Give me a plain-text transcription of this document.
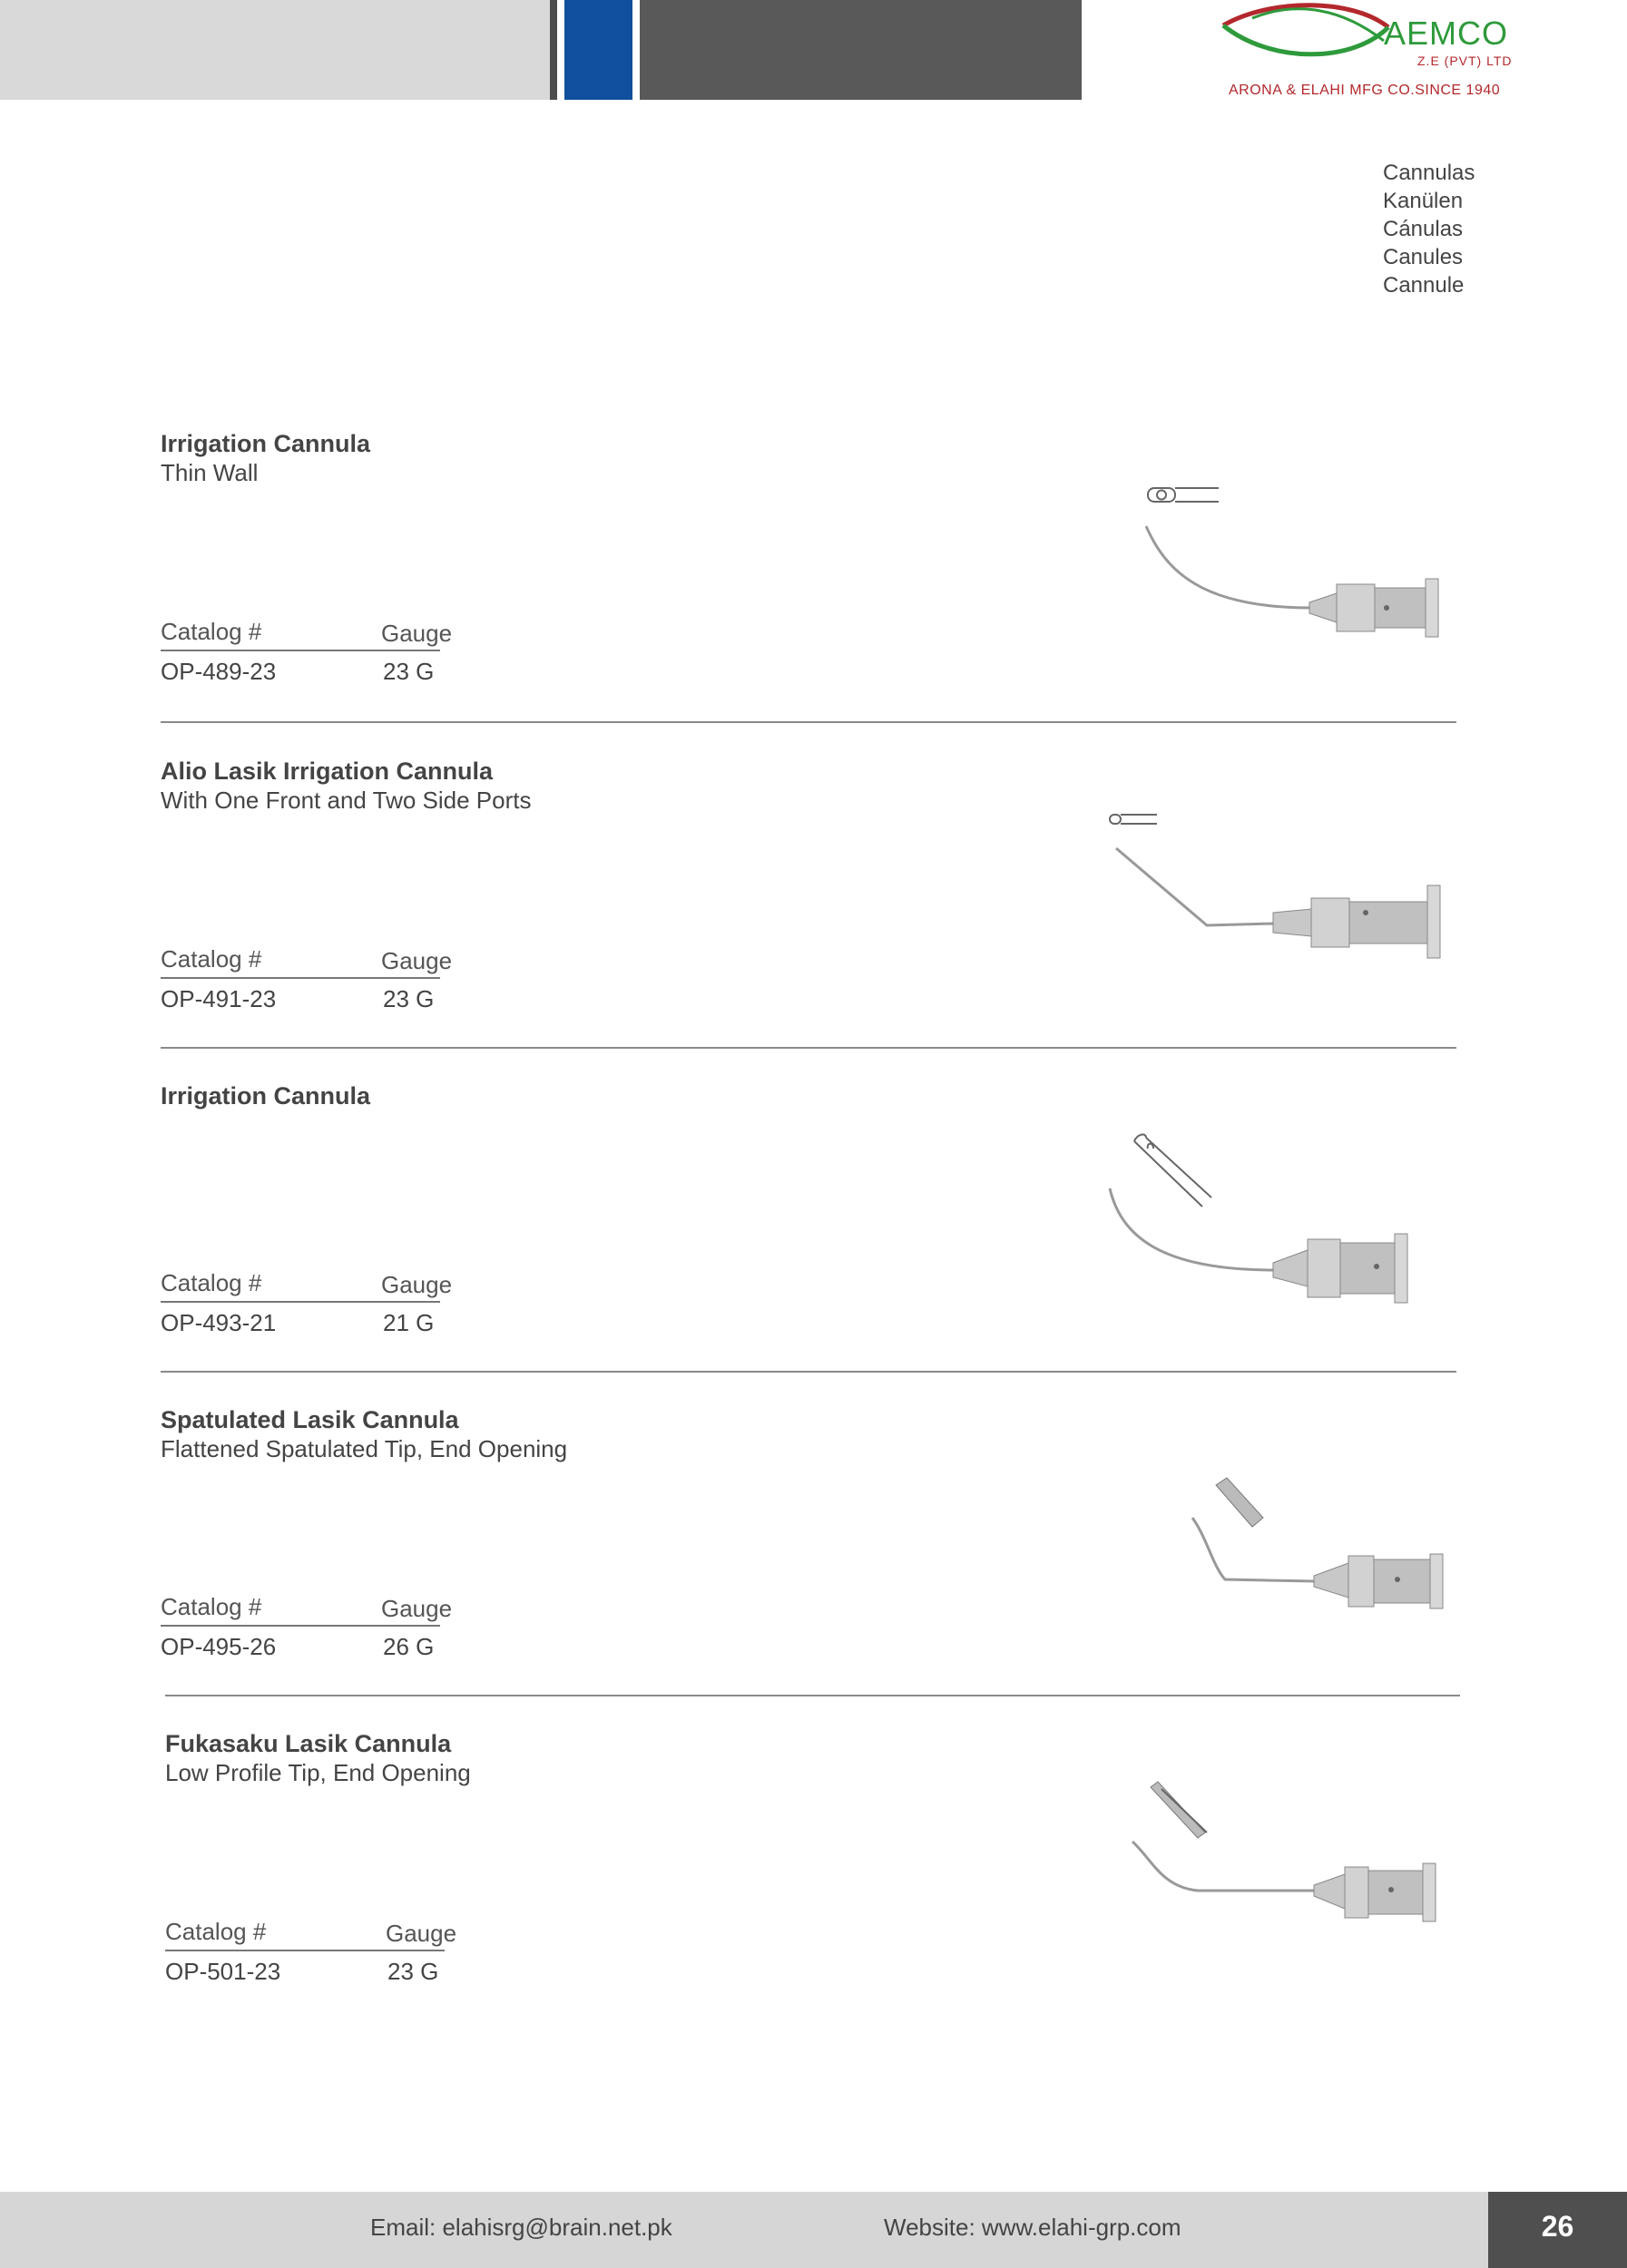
AEMCO
Z.E (PVT) LTD
ARONA & ELAHI MFG CO.SINCE 1940
Cannulas
Kanülen
Cánulas
Canules
Cannule
Irrigation Cannula
Thin Wall
Catalog #	Gauge
OP-489-23	23 G
Alio Lasik Irrigation Cannula
With One Front and Two Side Ports
Catalog #	Gauge
OP-491-23	23 G
Irrigation Cannula
Catalog #	Gauge
OP-493-21	21 G
Spatulated Lasik Cannula
Flattened Spatulated Tip, End Opening
Catalog #	Gauge
OP-495-26	26 G
Fukasaku Lasik Cannula
Low Profile Tip, End Opening
Catalog #	Gauge
OP-501-23	23 G
Email: elahisrg@brain.net.pk	Website: www.elahi-grp.com	26
